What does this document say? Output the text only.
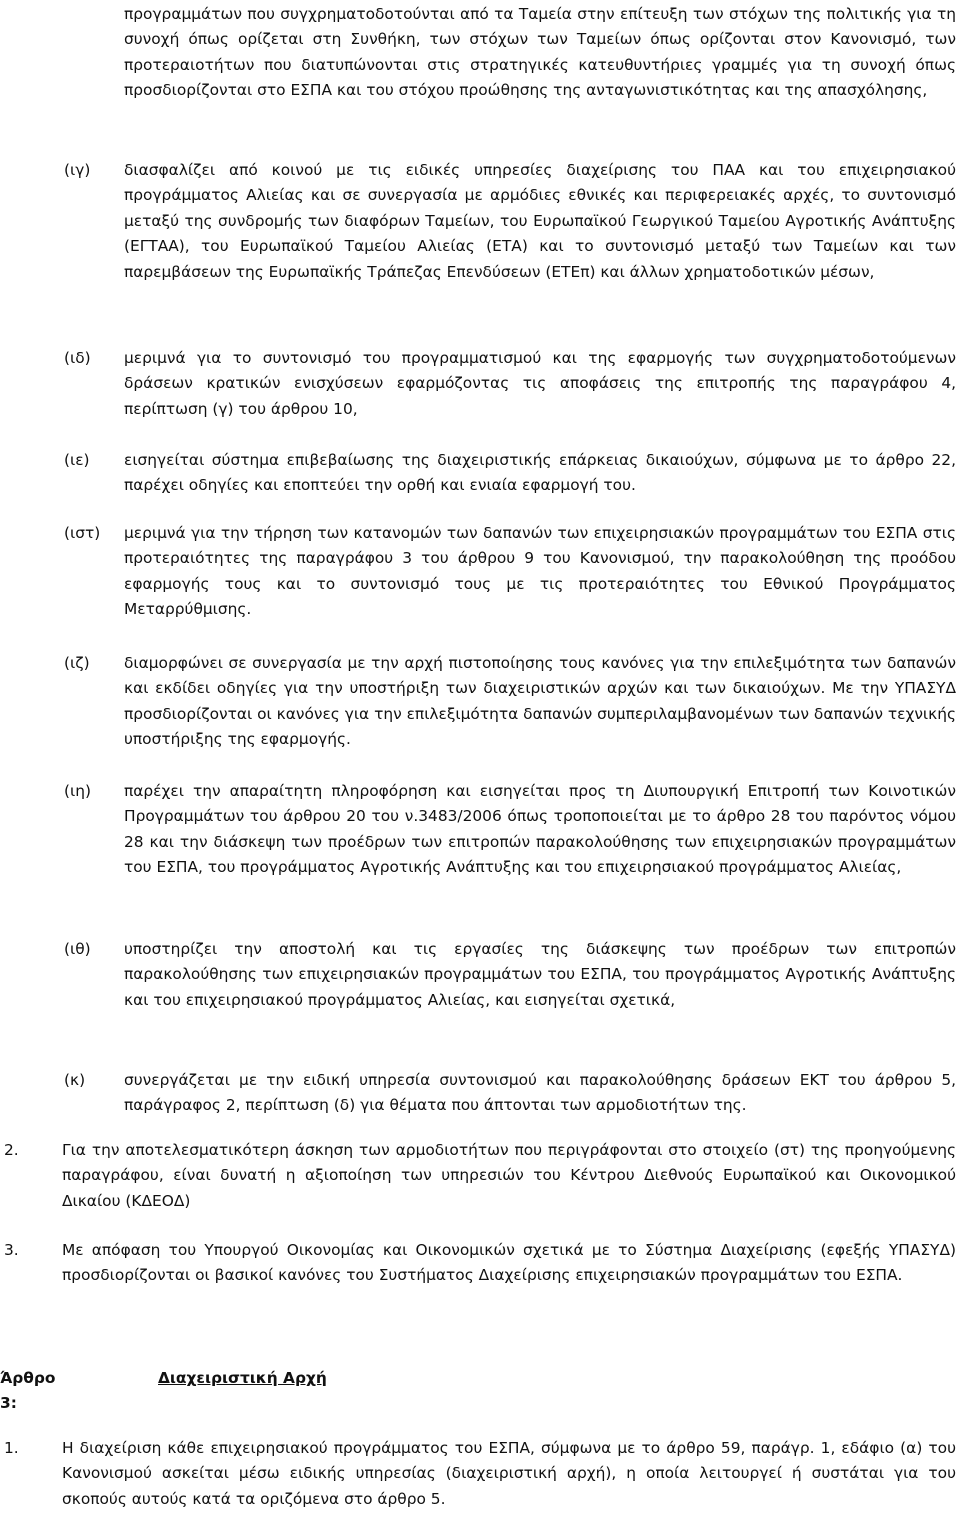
προγραμμάτων που συγχρηματοδοτούνται από τα Ταμεία στην επίτευξη των στόχων της πολιτικής για τη συνοχή όπως ορίζεται στη Συνθήκη, των στόχων των Ταμείων όπως ορίζονται στον Κανονισμό, των προτεραιοτήτων που διατυπώνονται στις στρατηγικές κατευθυντήριες γραμμές για τη συνοχή όπως προσδιορίζονται στο ΕΣΠΑ και του στόχου προώθησης της ανταγωνιστικότητας και της απασχόλησης,

(ιγ)	διασφαλίζει από κοινού με τις ειδικές υπηρεσίες διαχείρισης του ΠΑΑ και του επιχειρησιακού προγράμματος Αλιείας και σε συνεργασία με αρμόδιες εθνικές και περιφερειακές αρχές, το συντονισμό μεταξύ της συνδρομής των διαφόρων Ταμείων, του Ευρωπαϊκού Γεωργικού Ταμείου Αγροτικής Ανάπτυξης (ΕΓΤΑΑ), του Ευρωπαϊκού Ταμείου Αλιείας (ΕΤΑ) και το συντονισμό μεταξύ των Ταμείων και των παρεμβάσεων της Ευρωπαϊκής Τράπεζας Επενδύσεων (ΕΤΕπ) και άλλων χρηματοδοτικών μέσων,

(ιδ)	μεριμνά για το συντονισμό του προγραμματισμού και της εφαρμογής των συγχρηματοδοτούμενων δράσεων κρατικών ενισχύσεων εφαρμόζοντας τις αποφάσεις της επιτροπής της παραγράφου 4, περίπτωση (γ) του άρθρου 10,

(ιε)	εισηγείται σύστημα επιβεβαίωσης της διαχειριστικής επάρκειας δικαιούχων, σύμφωνα με το άρθρο 22, παρέχει οδηγίες και εποπτεύει την ορθή και ενιαία εφαρμογή του.

(ιστ)	μεριμνά για την τήρηση των κατανομών των δαπανών των επιχειρησιακών προγραμμάτων του ΕΣΠΑ στις προτεραιότητες της παραγράφου 3 του άρθρου 9 του Κανονισμού, την παρακολούθηση της προόδου εφαρμογής τους και το συντονισμό τους με τις προτεραιότητες του Εθνικού Προγράμματος Μεταρρύθμισης.

(ιζ)	διαμορφώνει σε συνεργασία με την αρχή πιστοποίησης τους κανόνες για την επιλεξιμότητα των δαπανών και εκδίδει οδηγίες για την υποστήριξη των διαχειριστικών αρχών και των δικαιούχων. Με την ΥΠΑΣΥΔ προσδιορίζονται οι κανόνες για την επιλεξιμότητα δαπανών συμπεριλαμβανομένων των δαπανών τεχνικής υποστήριξης της εφαρμογής.

(ιη)	παρέχει την απαραίτητη πληροφόρηση και εισηγείται προς τη Διυπουργική Επιτροπή των Κοινοτικών Προγραμμάτων του άρθρου 20 του ν.3483/2006 όπως τροποποιείται με το άρθρο 28 του παρόντος νόμου 28 και την διάσκεψη των προέδρων των επιτροπών παρακολούθησης των επιχειρησιακών προγραμμάτων του ΕΣΠΑ, του προγράμματος Αγροτικής Ανάπτυξης και του επιχειρησιακού προγράμματος Αλιείας,

(ιθ)	υποστηρίζει την αποστολή και τις εργασίες της διάσκεψης των προέδρων των επιτροπών παρακολούθησης των επιχειρησιακών προγραμμάτων του ΕΣΠΑ, του προγράμματος Αγροτικής Ανάπτυξης και του επιχειρησιακού προγράμματος Αλιείας, και εισηγείται σχετικά,

(κ)	συνεργάζεται με την ειδική υπηρεσία συντονισμού και παρακολούθησης δράσεων ΕΚΤ του άρθρου 5, παράγραφος 2, περίπτωση (δ) για θέματα που άπτονται των αρμοδιοτήτων της.

2.	Για την αποτελεσματικότερη άσκηση των αρμοδιοτήτων που περιγράφονται στο στοιχείο (στ) της προηγούμενης παραγράφου, είναι δυνατή η αξιοποίηση των υπηρεσιών του Κέντρου Διεθνούς Ευρωπαϊκού και Οικονομικού Δικαίου (ΚΔΕΟΔ)

3.	Με απόφαση του Υπουργού Οικονομίας και Οικονομικών σχετικά με το Σύστημα Διαχείρισης (εφεξής ΥΠΑΣΥΔ) προσδιορίζονται οι βασικοί κανόνες του Συστήματος Διαχείρισης επιχειρησιακών προγραμμάτων του ΕΣΠΑ.

Άρθρο 3:
Διαχειριστική Αρχή
1.	Η διαχείριση κάθε επιχειρησιακού προγράμματος του ΕΣΠΑ, σύμφωνα με το άρθρο 59, παράγρ. 1, εδάφιο (α) του Κανονισμού ασκείται μέσω ειδικής υπηρεσίας (διαχειριστική αρχή), η οποία λειτουργεί ή συστάται για του σκοπούς αυτούς κατά τα οριζόμενα στο άρθρο 5.
